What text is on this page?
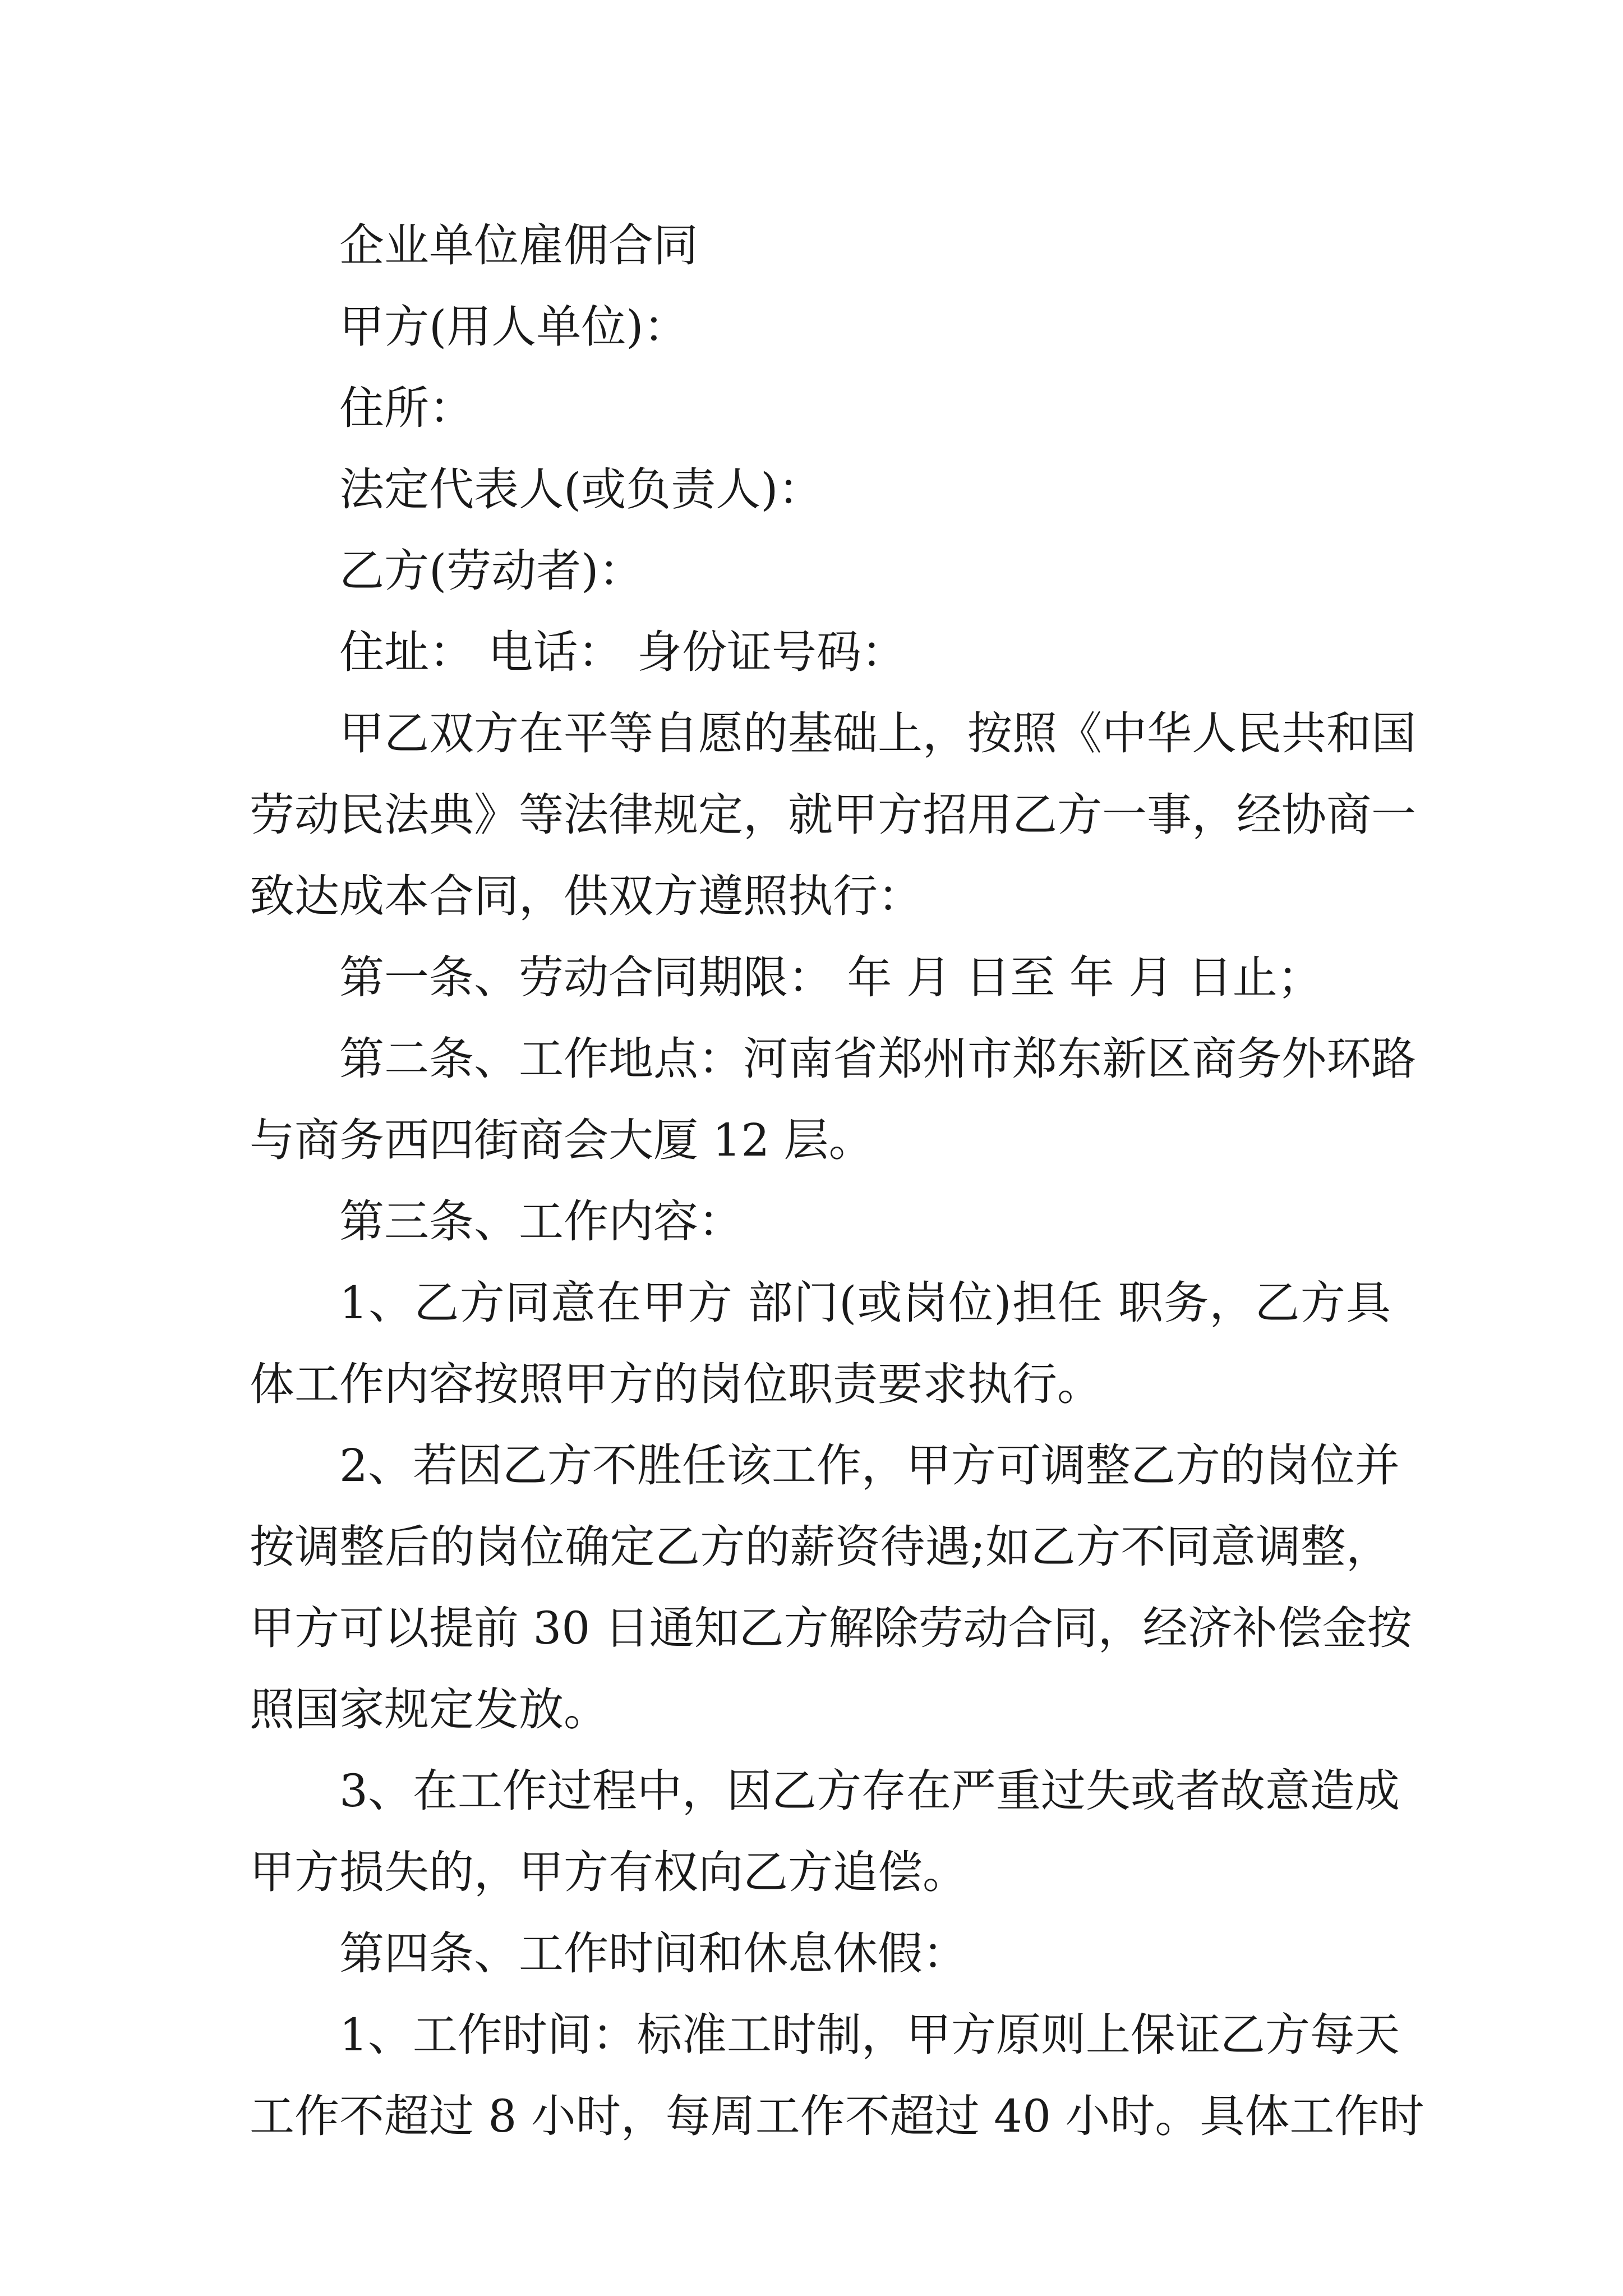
企业单位雇佣合同
甲方(用人单位)：
住所：
法定代表人(或负责人)：
乙方(劳动者)：
住址： 电话： 身份证号码：
甲乙双方在平等自愿的基础上，按照《中华人民共和国
劳动民法典》等法律规定，就甲方招用乙方一事，经协商一
致达成本合同，供双方遵照执行：
第一条、劳动合同期限： 年 月 日至 年 月 日止；
第二条、工作地点：河南省郑州市郑东新区商务外环路
与商务西四街商会大厦 12 层。
第三条、工作内容：
1、乙方同意在甲方 部门(或岗位)担任 职务，乙方具
体工作内容按照甲方的岗位职责要求执行。
2、若因乙方不胜任该工作，甲方可调整乙方的岗位并
按调整后的岗位确定乙方的薪资待遇;如乙方不同意调整，
甲方可以提前 30 日通知乙方解除劳动合同，经济补偿金按
照国家规定发放。
3、在工作过程中，因乙方存在严重过失或者故意造成
甲方损失的，甲方有权向乙方追偿。
第四条、工作时间和休息休假：
1、工作时间：标准工时制，甲方原则上保证乙方每天
工作不超过 8 小时，每周工作不超过 40 小时。具体工作时
